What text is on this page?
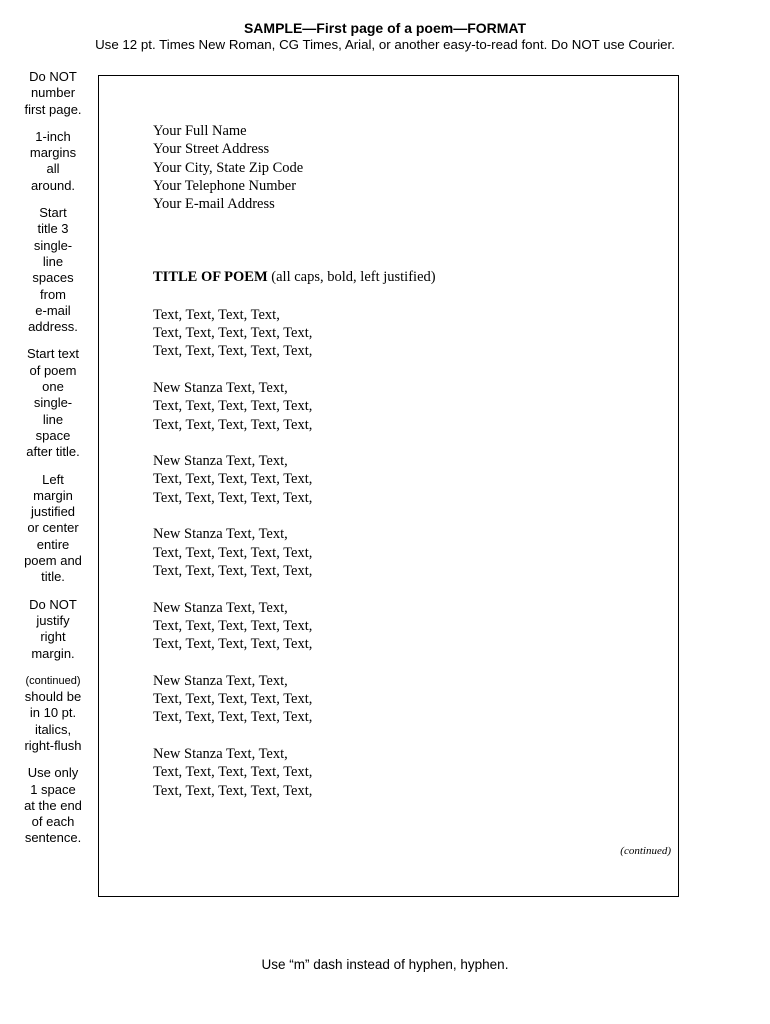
SAMPLE—First page of a poem—FORMAT
Use 12 pt. Times New Roman, CG Times, Arial, or another easy-to-read font. Do NOT use Courier.
Do NOT
number
first page.
1-inch
margins
all
around.
Start
title 3
single-
line
spaces
from
e-mail
address.
Start text
of poem
one
single-
line
space
after title.
Left
margin
justified
or center
entire
poem and
title.
Do NOT
justify
right
margin.
(continued)
should be
in 10 pt.
italics,
right-flush
Use only
1 space
at the end
of each
sentence.
Your Full Name
Your Street Address
Your City, State Zip Code
Your Telephone Number
Your E-mail Address
TITLE OF POEM (all caps, bold, left justified)
Text, Text, Text, Text,
Text, Text, Text, Text, Text,
Text, Text, Text, Text, Text,
New Stanza Text, Text,
Text, Text, Text, Text, Text,
Text, Text, Text, Text, Text,
New Stanza Text, Text,
Text, Text, Text, Text, Text,
Text, Text, Text, Text, Text,
New Stanza Text, Text,
Text, Text, Text, Text, Text,
Text, Text, Text, Text, Text,
New Stanza Text, Text,
Text, Text, Text, Text, Text,
Text, Text, Text, Text, Text,
New Stanza Text, Text,
Text, Text, Text, Text, Text,
Text, Text, Text, Text, Text,
New Stanza Text, Text,
Text, Text, Text, Text, Text,
Text, Text, Text, Text, Text,
(continued)
Use “m” dash instead of hyphen, hyphen.
